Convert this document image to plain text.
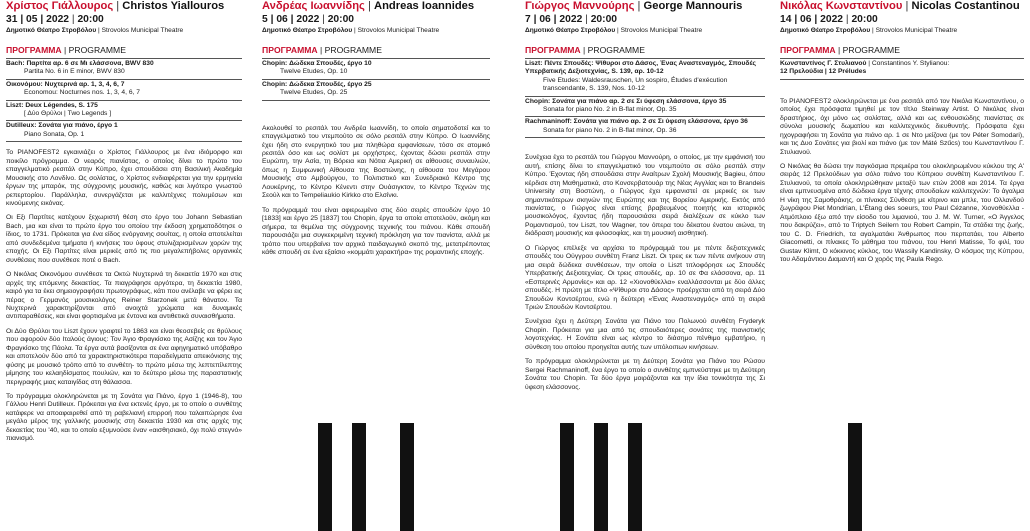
Χρίστος Γιάλλουρος | Christos Yiallouros
31 | 05 | 2022 | 20:00
Δημοτικό Θέατρο Στροβόλου | Strovolos Municipal Theatre
ΠΡΟΓΡΑΜΜΑ | PROGRAMME
Bach: Παρτίτα αρ. 6 σε Μι ελάσσονα, BWV 830
Partita No. 6 in E minor, BWV 830
Οικονόμου: Νυχτερινά αρ. 1, 3, 4, 6, 7
Economou: Nocturnes nos. 1, 3, 4, 6, 7
Liszt: Deux Légendes, S. 175
[ Δύο Θρύλοι | Two Legends ]
Dutilleux: Σονάτα για πιάνο, έργο 1
Piano Sonata, Op. 1

Το PIANOFEST2 εγκαινιάζει ο Χρίστος Γιάλλουρος με ένα ιδιόμορφο και ποικίλο πρόγραμμα. Ο νεαρός πιανίστας, ο οποίος δίνει το πρώτο του επαγγελματικό ρεσιτάλ στην Κύπρο, έχει σπουδάσει στη Βασιλική Ακαδημία Μουσικής στο Λονδίνο. Ως σολίστας, ο Χρίστος ενδιαφέρεται για την ερμηνεία έργων της μπαρόκ, της σύγχρονης μουσικής, καθώς και λιγότερο γνωστού ρεπερτορίου. Παράλληλα, συνεργάζεται με καλλιτέχνες πολυμέσων και κινούμενης εικόνας.

Οι Εξι Παρτίτες κατέχουν ξεχωριστή θέση στο έργο του Johann Sebastian Bach, μια και είναι το πρώτο έργο του οποίου την έκδοση χρηματοδότησε ο ίδιος, το 1731. Πρόκειται για ένα είδος ενόργανης σουίτας, η οποία αποτελείται από συνδεδεμένα τμήματα ή κινήσεις του ύφους στυλιζαρισμένων χορών της εποχής. Οι Εξι Παρτίτες είναι μερικές από τις πιο μεγαλεπήβολες οργανικές συνθέσεις που συνέθεσε ποτέ ο Bach.

Ο Νικόλας Οικονόμου συνέθεσε τα Οκτώ Νυχτερινά τη δεκαετία 1970 και στις αρχές της επόμενης δεκαετίας. Τα πιαγράφησε αργότερα, τη δεκαετία 1980, καιρό για τα έκει σημειογραφήσει πρωτογράφως, κάτι που ανέλαβε να φέρει εις πέρας ο Γερμανός μουσικολόγος Reiner Starzonek μετά θάνατον. Τα Νυχτερινά χαρακτηρίζονται από ανοιχτά χρώματα και δυναμικές αντιπαραθέσεις, και είναι φορτισμένα με έντονα και αντιθετικά συναισθήματα.

Οι Δύο Θρύλοι του Liszt έχουν γραφτεί το 1863 και είναι θεοσεβείς σε θρύλους που αφορούν δύο Ιταλούς άγιους: Τον Άγιο Φραγκίσκο της Ασίζης και τον Άγιο Φραγκίσκο της Πάολα. Τα έργα αυτά βασίζονται σε ένα αφηγηματικό υπόβαθρο και αποτελούν δύο από τα χαρακτηριστικότερα παραδείγματα απεικόνισης της φύσης με μουσικό τρόπο από το συνθέτη- το πρώτο μέσω της λεπτεπίλεπτης μίμησης του κελαηδίσματος πουλιών, και το δεύτερο μέσω της παραστατικής περιγραφής μιας καταιγίδας στη θάλασσα.

Το πρόγραμμα ολοκληρώνεται με τη Σονάτα για Πιάνο, έργο 1 (1946-8), του Γάλλου Henri Dutilleux. Πρόκειται για ένα εκτενές έργο, με το οποίο ο συνθέτης κατάφερε να αποαφαιρεθεί από τη ραβελιανή επιρροή που ταλαιπώρησε ένα μεγάλο μέρος της γαλλικής μουσικής στη δεκαετία 1930 και στις αρχές της δεκαετίας του '40, και το οποίο εξυμνούσε έναν «αισθησιακό, όχι πολύ στεγνό» πιανισμό.

Ανδρέας Ιωαννίδης | Andreas Ioannides
5 | 06 | 2022 | 20:00
Δημοτικό Θέατρο Στροβόλου | Strovolos Municipal Theatre
ΠΡΟΓΡΑΜΜΑ | PROGRAMME
Chopin: Δώδεκα Σπουδές, έργο 10
Twelve Etudes, Op. 10
Chopin: Δώδεκα Σπουδές, έργο 25
Twelve Etudes, Op. 25

Ακολουθεί το ρεσιτάλ του Ανδρέα Ιωαννίδη, το οποίο σηματοδοτεί και το επαγγελματικό του ντεμπούτο σε σόλο ρεσιτάλ στην Κύπρο. Ο Ιωαννίδης έχει ήδη στο ενεργητικό του μια πληθώρα εμφανίσεων, τόσο σε ατομικό ρεσιτάλ όσο και ως σολίστ με ορχήστρες, έχοντας δώσει ρεσιτάλ στην Ευρώπη, την Ασία, τη Βόρεια και Νότια Αμερική σε αίθουσες συναυλιών, όπως η Συμφωνική Αίθουσα της Βοστώνης, η αίθουσα του Μεγάρου Μουσικής στο Αμβούργου, το Πολιτιστικό και Συνεδριακό Κέντρο της Λουκέρνης, το Κέντρο Κένεντι στην Ουάσιγκτον, το Κέντρο Τεχνών της Σεούλ και το Tempeliaukio Kirkko στο Ελσίνκι.

Το πρόγραμμά του είναι αφιερωμένο στις δύο σειρές σπουδών έργο 10 [1833] και έργο 25 [1837] του Chopin, έργα τα οποία αποτελούν, ακόμη και σήμερα, τα θεμέλια της σύγχρονης τεχνικής του πιάνου. Κάθε σπουδή παρουσιάζει μια συγκεκριμένη τεχνική πρόκληση για τον πιανίστα, αλλά με τρόπο που υπερβαίνει τον αρχικό παιδαγωγικό σκοπό της, μετατρέποντας κάθε σπουδή σε ένα εξαίσιο «κομμάτι χαρακτήρα» της ρομαντικής εποχής.

Γιώργος Μαννούρης | George Mannouris
7 | 06 | 2022 | 20:00
Δημοτικό Θέατρο Στροβόλου | Strovolos Municipal Theatre
ΠΡΟΓΡΑΜΜΑ | PROGRAMME
Liszt: Πέντε Σπουδές: Ψίθυροι στο Δάσος, Ένας Αναστεναγμός, Σπουδές Υπερβατικής Δεξιοτεχνίας, S. 139, αρ. 10-12
Five Etudes: Waldesrauschen, Un sospiro, Études d'exécution transcendante, S. 139, Nos. 10-12
Chopin: Σονάτα για πιάνο αρ. 2 σε Σι ύφεση ελάσσονα, έργο 35
Sonata for piano No. 2 in B-flat minor, Op. 35
Rachmaninoff: Σονάτα για πιάνο αρ. 2 σε Σι ύφεση ελάσσονα, έργο 36
Sonata for piano No. 2 in B-flat minor, Op. 36

Συνέχεια έχει το ρεσιτάλ του Γιώργου Μαννούρη, ο οποίος, με την εμφάνισή του αυτή, επίσης δίνει το επαγγελματικό του ντεμπούτο σε σόλο ρεσιτάλ στην Κύπρο. Έχοντας ήδη σπουδάσει στην Αναίτρων Σχολή Μουσικής Bagieu, όπου κέρδισε στη Μαθηματικά, στο Κονσερβατουάρ της Νέας Αγγλίας και το Brandeis University στη Βοστώνη, ο Γιώργος έχει εμφανιστεί σε μερικές εκ των σημαντικότερων σκηνών της Ευρώπης και της Βορείου Αμερικής. Εκτός από πιανίστας, ο Γιώργος είναι επίσης βραβευμένος ποιητής και ιστορικός μουσικολόγος, έχοντας ήδη παρουσιάσει σειρά διαλέξεων σε κύκλο των Ρομαντισμού, τον Liszt, τον Wagner, τον όπερα του δέκατου ένατου αιώνα, τη διάδραση μουσικής και φιλοσοφίας, και τη μουσική αισθητική.

Ο Γιώργος επέλεξε να αρχίσει το πρόγραμμά του με πέντε δεξιοτεχνικές σπουδές του Ούγγρου συνθέτη Franz Liszt. Οι τρεις εκ των πέντε ανήκουν στη μια σειρά δώδεκα συνθέσεων, την οποία ο Liszt τιτλοφόρησε ως Σπουδές Υπερβατικής Δεξιοτεχνίας. Οι τρεις σπουδές, αρ. 10 σε Φα ελάσσονα, αρ. 11 «Εσπερινές Αρμονίες» και αρ. 12 «Χιονοθύελλα» εναλλάσσονται με δύο άλλες σπουδές. Η πρώτη με τίτλο «Ψίθυροι στο Δάσος» προέρχεται από τη σειρά Δύο Σπουδών Κοντσέρτου, ενώ η δεύτερη «Ένας Αναστεναγμός» από τη σειρά Τριών Σπουδών Κοντσέρτου.

Συνέχεια έχει η Δεύτερη Σονάτα για Πιάνο του Πολωνού συνθέτη Fryderyk Chopin. Πρόκειται για μια από τις σπουδαιότερες σονάτες της πιανιστικής λογοτεχνίας. Η Σονάτα είναι ως κέντρο το διάσημο πένθιμο εμβατήριο, η σύνθεση του οποίου προηγείται αυτής των υπόλοιπων κινήσεων.

Το πρόγραμμα ολοκληρώνεται με τη Δεύτερη Σονάτα για Πιάνο του Ρώσου Sergei Rachmaninoff, ένα έργο το οποίο ο συνθέτης εμπνεύστηκε με τη Δεύτερη Σονάτα του Chopin. Τα δύο έργα μοιράζονται και την ίδια τονικότητα της Σι ύφεση ελάσσονος.

Νικόλας Κωνσταντίνου | Nicolas Costantinou
14 | 06 | 2022 | 20:00
Δημοτικό Θέατρο Στροβόλου | Strovolos Municipal Theatre
ΠΡΟΓΡΑΜΜΑ | PROGRAMME
Κωνσταντίνος Γ. Στυλιανού | Constantinos Y. Stylianou:
12 Πρελούδια | 12 Préludes

Το PIANOFEST2 ολοκληρώνεται με ένα ρεσιτάλ από τον Νικόλα Κωνσταντίνου, ο οποίος έχει πρόσφατα τιμηθεί με τον τίτλο Steinway Artist. Ο Νικόλας είναι δραστήριος, όχι μόνο ως σολίστας, αλλά και ως ενθουσιώδης πιανίστας σε σύνολα μουσικής δωματίου και καλλιτεχνικός διευθυντής. Πρόσφατα έχει ηχογραφήσει τη Σονάτα για πιάνο αρ. 1 σε Ντο μείζονα (με τον Péter Somodari), και τις Δυο Σονάτες για βιολί και πιάνο (με τον Máté Szűcs) του Κωνσταντίνου Γ. Στυλιανού.

Ο Νικόλας θα δώσει την παγκόσμια πρεμιέρα του ολοκληρωμένου κύκλου της Α' σειράς 12 Πρελούδιων για σόλο πιάνο του Κύπριου συνθέτη Κωνσταντίνου Γ. Στυλιανού, τα οποία ολοκληρώθηκαν μεταξύ των ετών 2008 και 2014. Τα έργα είναι εμπνευσμένα από δώδεκα έργα τέχνης σπουδαίων καλλιτεχνών: Το άγαλμα Η νίκη της Σαμοθράκης, οι πίνακες Σύνθεση με κίτρινο και μπλε, του Ολλανδού ζωγράφου Piet Mondrian, L'Étang des soeurs, του Paul Cézanne, Χιονοθύελλα - Ατμόπλοιο έξω από την είσοδο του λιμανιού, του J. M. W. Turner, «Ο Άγγελος που δακρύζει», από το Triptych Seilern του Robert Campin, Τα στάδια της ζωής, του C. D. Friedrich, τα αγαλματάκι Άνθρωπος που περπατάει, του Alberto Giacometti, οι πίνακες Το μάθημα του πιάνου, του Henri Matisse, Το φιλί, του Gustav Klimt, Ο κόκκινος κύκλος, του Wassily Kandinsky, Ο κόσμος της Κύπρου, του Αδαμάντιου Διαμαντή και Ο χορός της Paula Rego.
